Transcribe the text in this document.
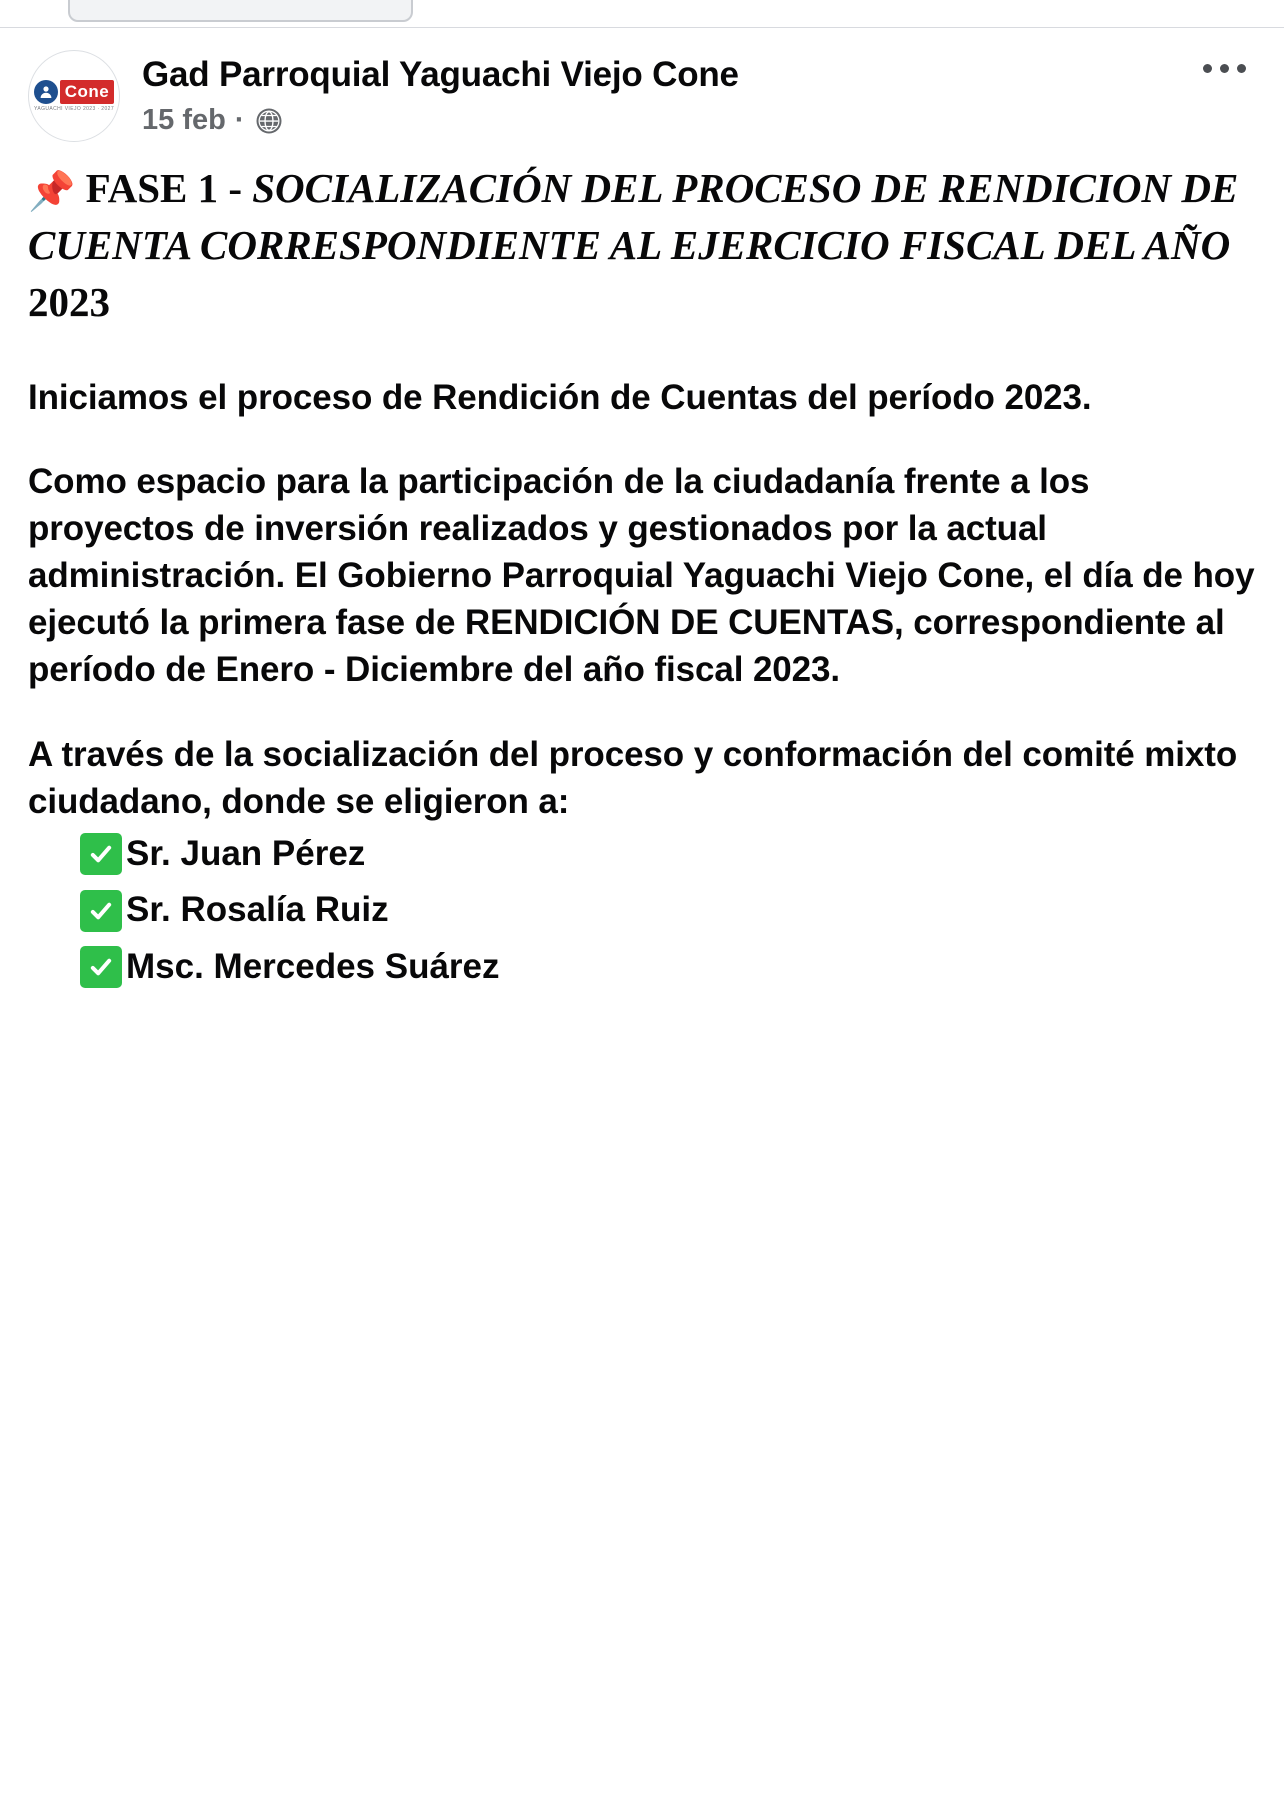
Cone
YAGUACHI VIEJO 2023 · 2027
Gad Parroquial Yaguachi Viejo Cone
15 feb ·

📌 FASE 1 - SOCIALIZACIÓN DEL PROCESO DE RENDICION DE CUENTA CORRESPONDIENTE AL EJERCICIO FISCAL DEL AÑO 2023

Iniciamos el proceso de Rendición de Cuentas del período 2023.

Como espacio para la participación de la ciudadanía frente a los proyectos de inversión realizados y gestionados por la actual administración. El Gobierno Parroquial Yaguachi Viejo Cone, el día de hoy ejecutó la primera fase de RENDICIÓN DE CUENTAS, correspondiente al período de Enero - Diciembre del año fiscal 2023.

A través de la socialización del proceso y conformación del comité mixto ciudadano, donde se eligieron a:

Sr. Juan Pérez
Sr. Rosalía Ruiz
Msc. Mercedes Suárez
